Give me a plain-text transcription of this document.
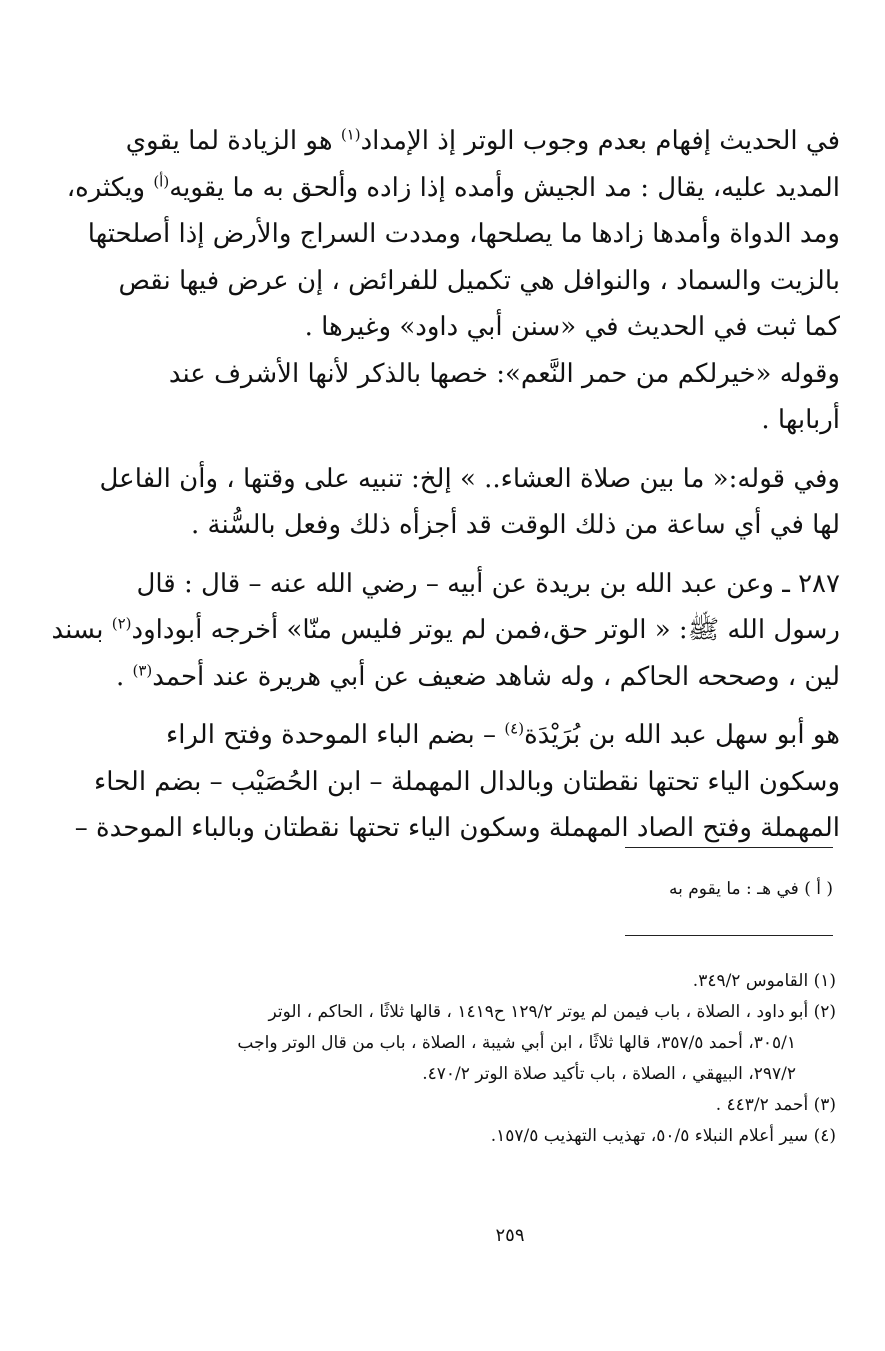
في الحديث إفهام بعدم وجوب الوتر إذ الإمداد$^{(١)}$ هو الزيادة لما يقوي
المديد عليه، يقال : مد الجيش وأمده إذا زاده وألحق به ما يقويه$^{(أ)}$ ويكثره،
ومد الدواة وأمدها زادها ما يصلحها، ومددت السراج والأرض إذا أصلحتها
بالزيت والسماد ، والنوافل هي تكميل للفرائض ، إن عرض فيها نقص
كما ثبت في الحديث في «سنن أبي داود» وغيرها .
وقوله «خيرلكم من حمر النَّعم»: خصها بالذكر لأنها الأشرف عند
أربابها .
وفي قوله:« ما بين صلاة العشاء.. » إلخ: تنبيه على وقتها ، وأن الفاعل
لها في أي ساعة من ذلك الوقت قد أجزأه ذلك وفعل بالسُّنة .
٢٨٧ ـ وعن عبد الله بن بريدة عن أبيه – رضي الله عنه – قال : قال
رسول الله ﷺ: « الوتر حق،فمن لم يوتر فليس منّا» أخرجه أبوداود$^{(٢)}$ بسند
لين ، وصححه الحاكم ، وله شاهد ضعيف عن أبي هريرة عند أحمد$^{(٣)}$ .
هو أبو سهل عبد الله بن بُرَيْدَة$^{(٤)}$ – بضم الباء الموحدة وفتح الراء
وسكون الياء تحتها نقطتان وبالدال المهملة – ابن الحُصَيْب – بضم الحاء
المهملة وفتح الصاد المهملة وسكون الياء تحتها نقطتان وبالباء الموحدة –
( أ ) في هـ : ما يقوم به
(١) القاموس ٣٤٩/٢.
(٢) أبو داود ، الصلاة ، باب فيمن لم يوتر ١٢٩/٢ ح١٤١٩ ، قالها ثلاثًا ، الحاكم ، الوتر
٣٠٥/١، أحمد ٣٥٧/٥، قالها ثلاثًا ، ابن أبي شيبة ، الصلاة ، باب من قال الوتر واجب
٢٩٧/٢، البيهقي ، الصلاة ، باب تأكيد صلاة الوتر ٤٧٠/٢.
(٣) أحمد ٤٤٣/٢ .
(٤) سير أعلام النبلاء ٥٠/٥، تهذيب التهذيب ١٥٧/٥.
٢٥٩
